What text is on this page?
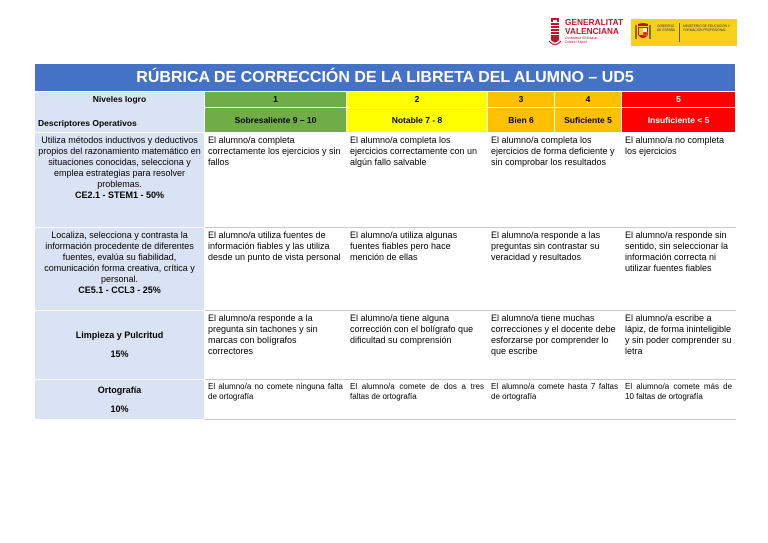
GENERALITAT
VALENCIANA
Conselleria d'Educació, Cultura i Esport
GOBIERNO DE ESPAÑA
MINISTERIO DE EDUCACIÓN Y FORMACIÓN PROFESIONAL
RÚBRICA DE CORRECCIÓN DE LA LIBRETA DEL ALUMNO – UD5					

Niveles logro
Descriptores Operativos	1	2	3	4	5
	Sobresaliente 9 – 10	Notable 7 - 8	Bien 6	Suficiente 5	Insuficiente < 5
Utiliza métodos inductivos y deductivos propios del razonamiento matemático en situaciones conocidas, selecciona y emplea estrategias para resolver problemas.
CE2.1 - STEM1 - 50%	El alumno/a completa correctamente los ejercicios y sin fallos	El alumno/a completa los ejercicios correctamente con un algún fallo salvable	El alumno/a completa los ejercicios de forma deficiente y sin comprobar los resultados		El alumno/a no completa los ejercicios
Localiza, selecciona y contrasta la información procedente de diferentes fuentes, evalúa su fiabilidad, comunicación forma creativa, crítica y personal.
CE5.1 - CCL3 - 25%	El alumno/a utiliza fuentes de información fiables y las utiliza desde un punto de vista personal	El alumno/a utiliza algunas fuentes fiables pero hace mención de ellas	El alumno/a responde a las preguntas sin contrastar su veracidad y resultados		El alumno/a responde sin sentido, sin seleccionar la información correcta ni utilizar fuentes fiables
Limpieza y Pulcritud
15%	El alumno/a responde a la pregunta sin tachones y sin marcas con bolígrafos correctores	El alumno/a tiene alguna corrección con el bolígrafo que dificultad su comprensión	El alumno/a tiene muchas correcciones y el docente debe esforzarse por comprender lo que escribe		El alumno/a escribe a lápiz, de forma ininteligible y sin poder comprender su letra
Ortografía
10%	El alumno/a no comete ninguna falta de ortografía	El alumno/a comete de dos a tres faltas de ortografía	El alumno/a comete hasta 7 faltas de ortografía		El alumno/a comete más de 10 faltas de ortografía
